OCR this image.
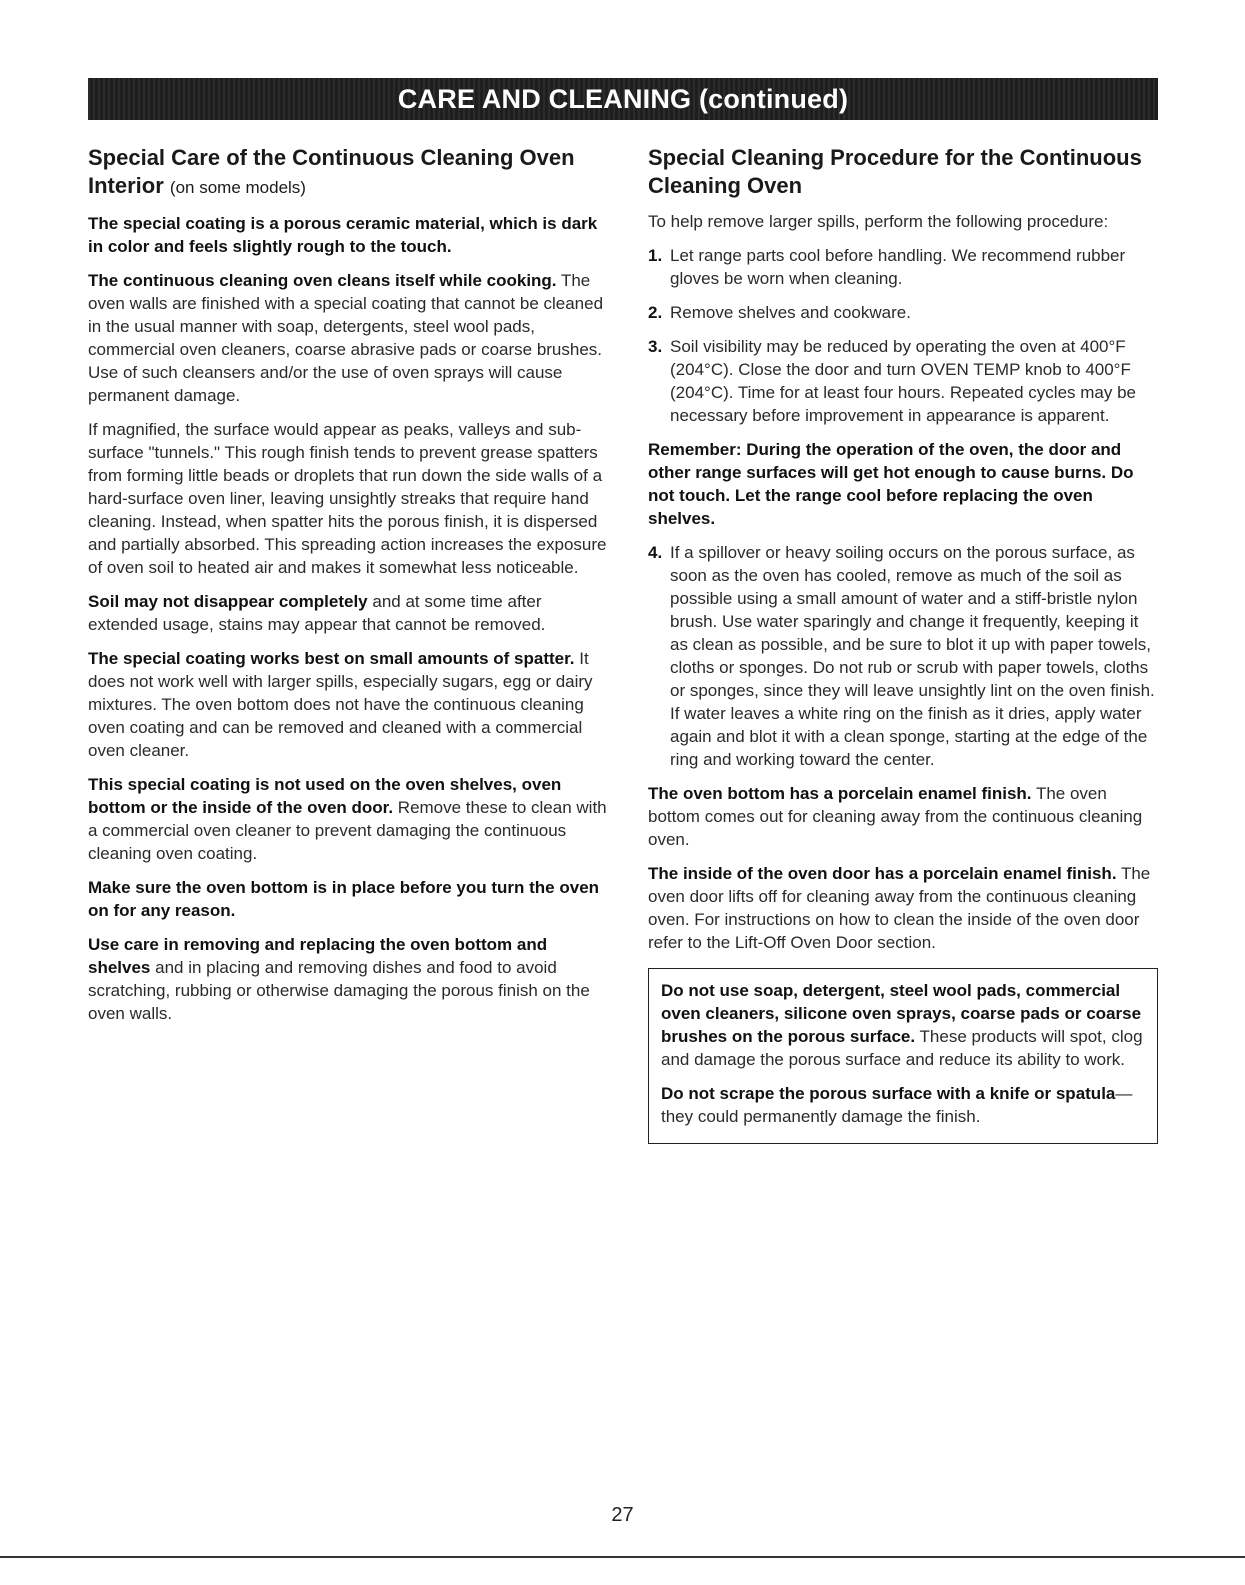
CARE AND CLEANING (continued)
Special Care of the Continuous Cleaning Oven Interior (on some models)

The special coating is a porous ceramic material, which is dark in color and feels slightly rough to the touch.

The continuous cleaning oven cleans itself while cooking. The oven walls are finished with a special coating that cannot be cleaned in the usual manner with soap, detergents, steel wool pads, commercial oven cleaners, coarse abrasive pads or coarse brushes. Use of such cleansers and/or the use of oven sprays will cause permanent damage.

If magnified, the surface would appear as peaks, valleys and sub-surface "tunnels." This rough finish tends to prevent grease spatters from forming little beads or droplets that run down the side walls of a hard-surface oven liner, leaving unsightly streaks that require hand cleaning. Instead, when spatter hits the porous finish, it is dispersed and partially absorbed. This spreading action increases the exposure of oven soil to heated air and makes it somewhat less noticeable.

Soil may not disappear completely and at some time after extended usage, stains may appear that cannot be removed.

The special coating works best on small amounts of spatter. It does not work well with larger spills, especially sugars, egg or dairy mixtures. The oven bottom does not have the continuous cleaning oven coating and can be removed and cleaned with a commercial oven cleaner.

This special coating is not used on the oven shelves, oven bottom or the inside of the oven door. Remove these to clean with a commercial oven cleaner to prevent damaging the continuous cleaning oven coating.

Make sure the oven bottom is in place before you turn the oven on for any reason.

Use care in removing and replacing the oven bottom and shelves and in placing and removing dishes and food to avoid scratching, rubbing or otherwise damaging the porous finish on the oven walls.

Special Cleaning Procedure for the Continuous Cleaning Oven

To help remove larger spills, perform the following procedure:

1. Let range parts cool before handling. We recommend rubber gloves be worn when cleaning.
2. Remove shelves and cookware.
3. Soil visibility may be reduced by operating the oven at 400°F (204°C). Close the door and turn OVEN TEMP knob to 400°F (204°C). Time for at least four hours. Repeated cycles may be necessary before improvement in appearance is apparent.

Remember: During the operation of the oven, the door and other range surfaces will get hot enough to cause burns. Do not touch. Let the range cool before replacing the oven shelves.

4. If a spillover or heavy soiling occurs on the porous surface, as soon as the oven has cooled, remove as much of the soil as possible using a small amount of water and a stiff-bristle nylon brush. Use water sparingly and change it frequently, keeping it as clean as possible, and be sure to blot it up with paper towels, cloths or sponges. Do not rub or scrub with paper towels, cloths or sponges, since they will leave unsightly lint on the oven finish. If water leaves a white ring on the finish as it dries, apply water again and blot it with a clean sponge, starting at the edge of the ring and working toward the center.

The oven bottom has a porcelain enamel finish. The oven bottom comes out for cleaning away from the continuous cleaning oven.

The inside of the oven door has a porcelain enamel finish. The oven door lifts off for cleaning away from the continuous cleaning oven. For instructions on how to clean the inside of the oven door refer to the Lift-Off Oven Door section.

Do not use soap, detergent, steel wool pads, commercial oven cleaners, silicone oven sprays, coarse pads or coarse brushes on the porous surface. These products will spot, clog and damage the porous surface and reduce its ability to work.

Do not scrape the porous surface with a knife or spatula—they could permanently damage the finish.

27
